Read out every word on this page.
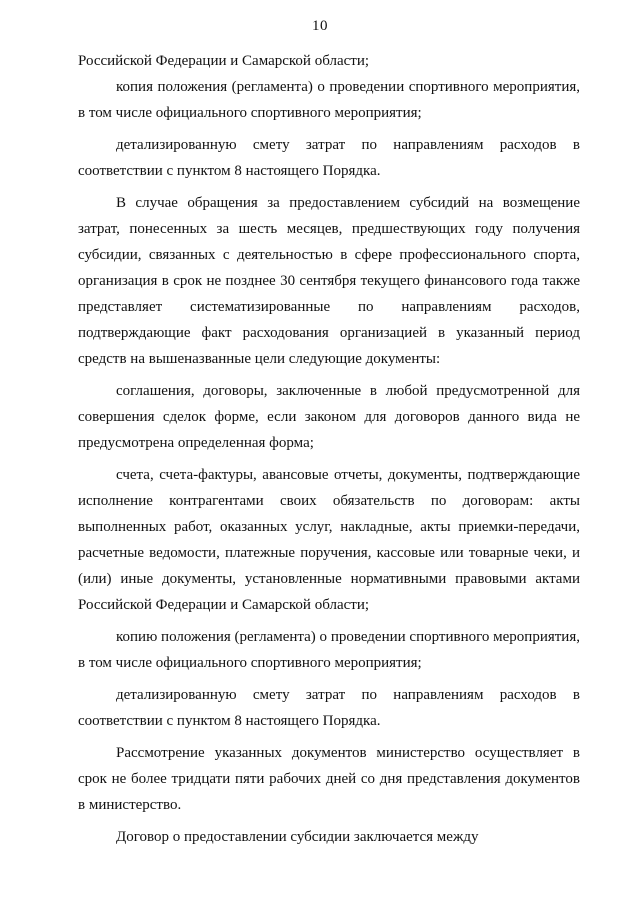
10

Российской Федерации и Самарской области;

копия положения (регламента) о проведении спортивного мероприятия, в том числе официального спортивного мероприятия;

детализированную смету затрат по направлениям расходов в соответствии с пунктом 8 настоящего Порядка.

В случае обращения за предоставлением субсидий на возмещение затрат, понесенных за шесть месяцев, предшествующих году получения субсидии, связанных с деятельностью в сфере профессионального спорта, организация в срок не позднее 30 сентября текущего финансового года также представляет систематизированные по направлениям расходов, подтверждающие факт расходования организацией в указанный период средств на вышеназванные цели следующие документы:

соглашения, договоры, заключенные в любой предусмотренной для совершения сделок форме, если законом для договоров данного вида не предусмотрена определенная форма;

счета, счета-фактуры, авансовые отчеты, документы, подтверждающие исполнение контрагентами своих обязательств по договорам: акты выполненных работ, оказанных услуг, накладные, акты приемки-передачи, расчетные ведомости, платежные поручения, кассовые или товарные чеки, и (или) иные документы, установленные нормативными правовыми актами Российской Федерации и Самарской области;

копию положения (регламента) о проведении спортивного мероприятия, в том числе официального спортивного мероприятия;

детализированную смету затрат по направлениям расходов в соответствии с пунктом 8 настоящего Порядка.

Рассмотрение указанных документов министерство осуществляет в срок не более тридцати пяти рабочих дней со дня представления документов в министерство.

Договор о предоставлении субсидии заключается между
